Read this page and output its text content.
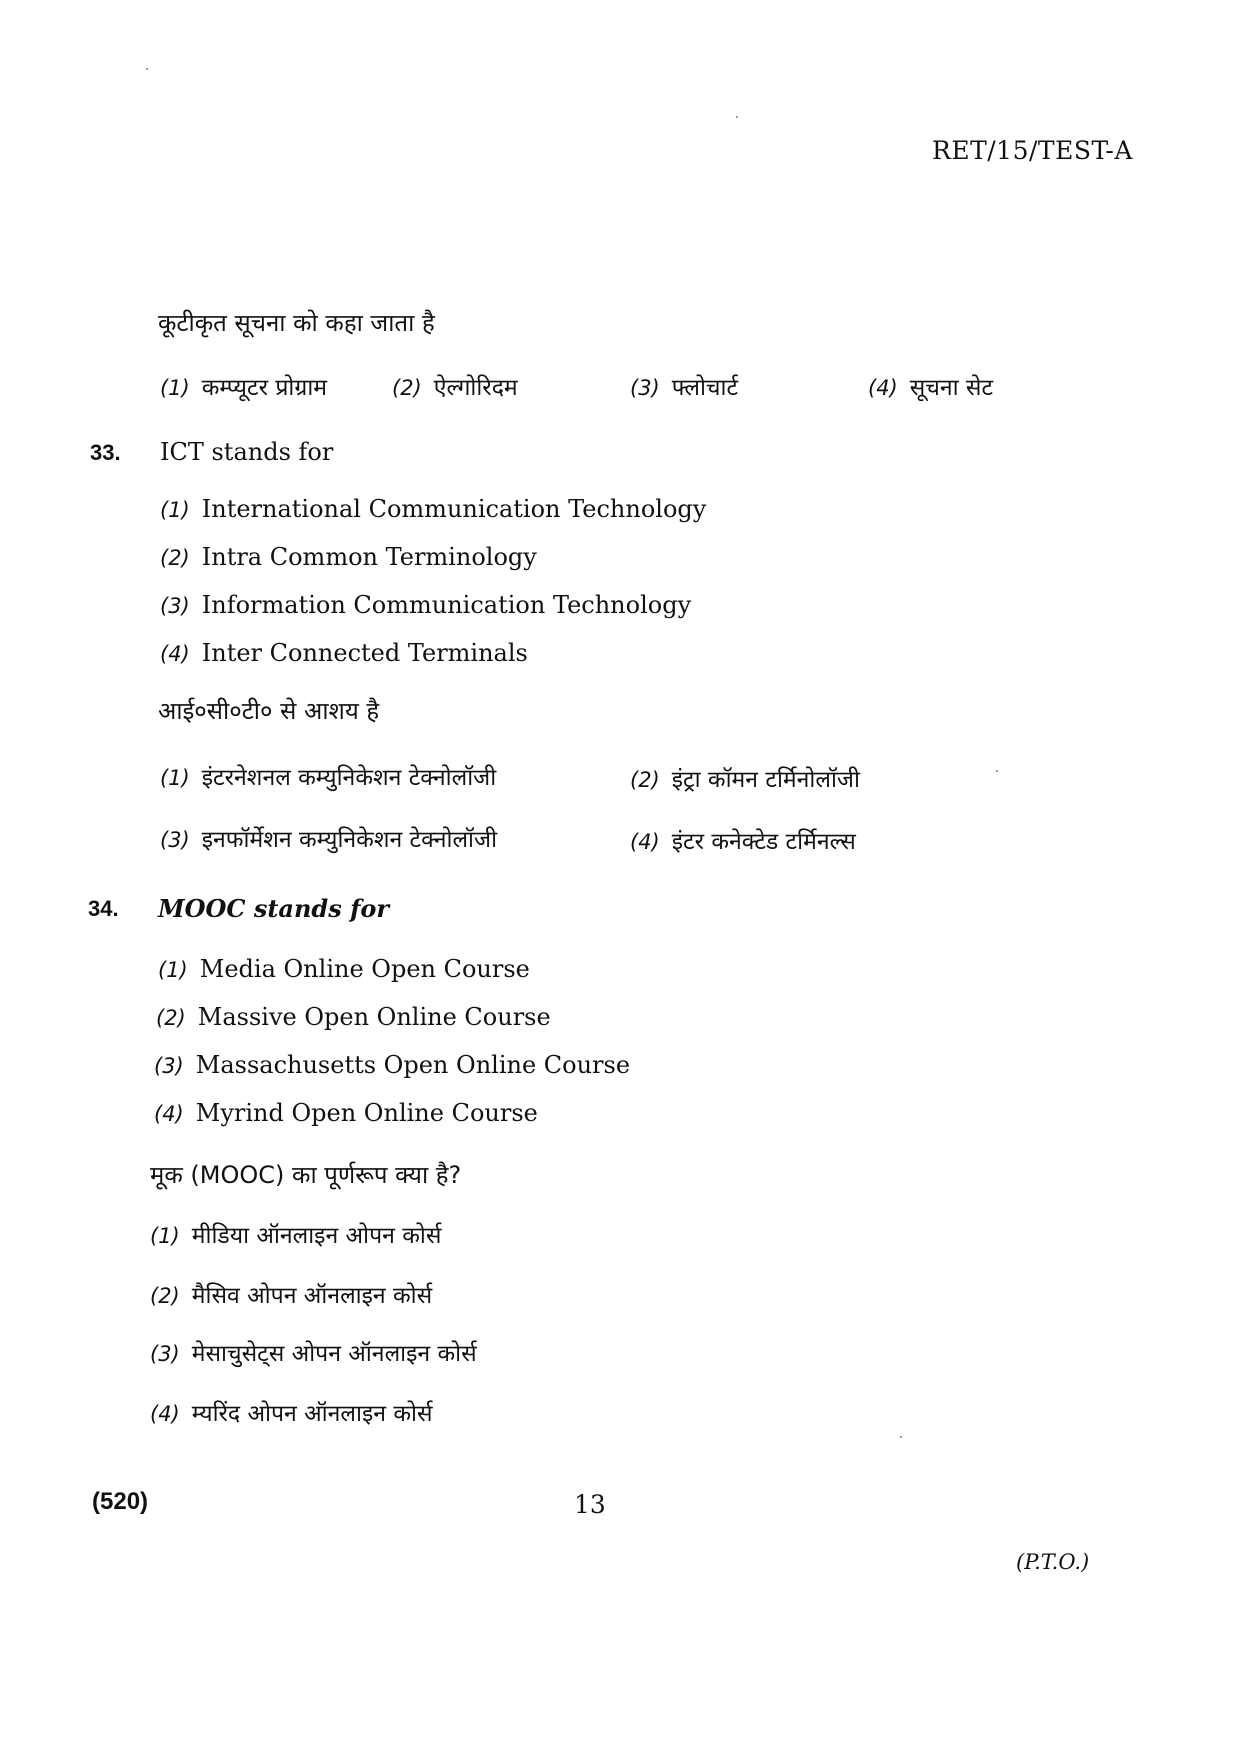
RET/15/TEST-A
कूटीकृत सूचना को कहा जाता है
(1) कम्प्यूटर प्रोग्राम	(2) ऐल्गोरिदम	(3) फ्लोचार्ट	(4) सूचना सेट
33. ICT stands for
(1) International Communication Technology
(2) Intra Common Terminology
(3) Information Communication Technology
(4) Inter Connected Terminals
आई०सी०टी० से आशय है
(1) इंटरनेशनल कम्युनिकेशन टेक्नोलॉजी	(2) इंट्रा कॉमन टर्मिनोलॉजी
(3) इनफॉर्मेशन कम्युनिकेशन टेक्नोलॉजी	(4) इंटर कनेक्टेड टर्मिनल्स
34. MOOC stands for
(1) Media Online Open Course
(2) Massive Open Online Course
(3) Massachusetts Open Online Course
(4) Myrind Open Online Course
मूक (MOOC) का पूर्णरूप क्या है?
(1) मीडिया ऑनलाइन ओपन कोर्स
(2) मैसिव ओपन ऑनलाइन कोर्स
(3) मेसाचुसेट्स ओपन ऑनलाइन कोर्स
(4) म्यरिंद ओपन ऑनलाइन कोर्स
(520)	13
(P.T.O.)
